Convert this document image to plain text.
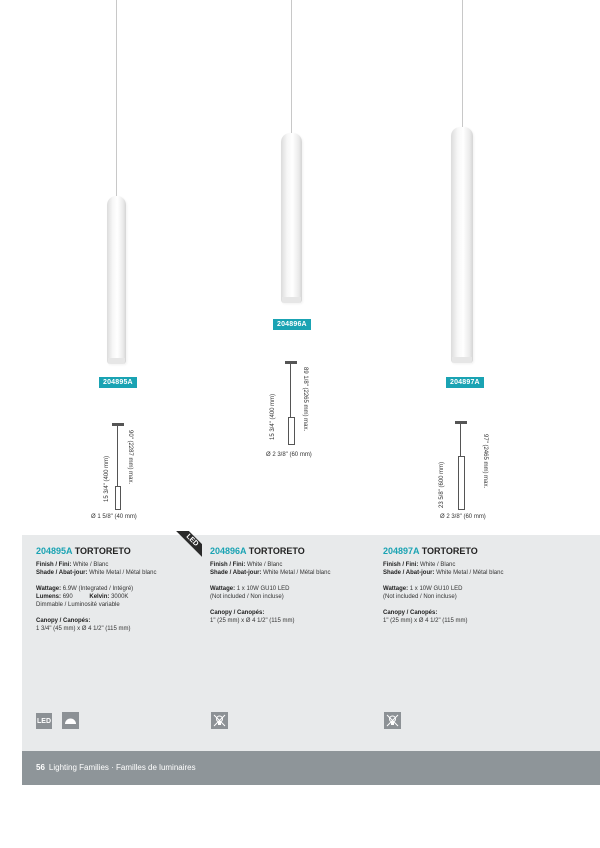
204895A
204896A
204897A
15 3/4" (400 mm)	90" (2287 mm) max.
Ø 1 5/8" (40 mm)
15 3/4" (400 mm)	89 1/8" (2265 mm) max.
Ø 2 3/8" (60 mm)
23 5/8" (600 mm)	97" (2465 mm) max.
Ø 2 3/8" (60 mm)
LED
204895A TORTORETO
Finish / Fini: White / Blanc
Shade / Abat-jour: White Metal / Métal blanc
Wattage: 6.9W (Integrated / Intégré)
Lumens: 690	Kelvin: 3000K
Dimmable / Luminosité variable
Canopy / Canopés:
1 3/4" (45 mm) x Ø 4 1/2" (115 mm)
204896A TORTORETO
Finish / Fini: White / Blanc
Shade / Abat-jour: White Metal / Métal blanc
Wattage: 1 x 10W GU10 LED
(Not included / Non incluse)
Canopy / Canopés:
1" (25 mm) x Ø 4 1/2" (115 mm)
204897A TORTORETO
Finish / Fini: White / Blanc
Shade / Abat-jour: White Metal / Métal blanc
Wattage: 1 x 10W GU10 LED
(Not included / Non incluse)
Canopy / Canopés:
1" (25 mm) x Ø 4 1/2" (115 mm)
LED
56 Lighting Families · Familles de luminaires
